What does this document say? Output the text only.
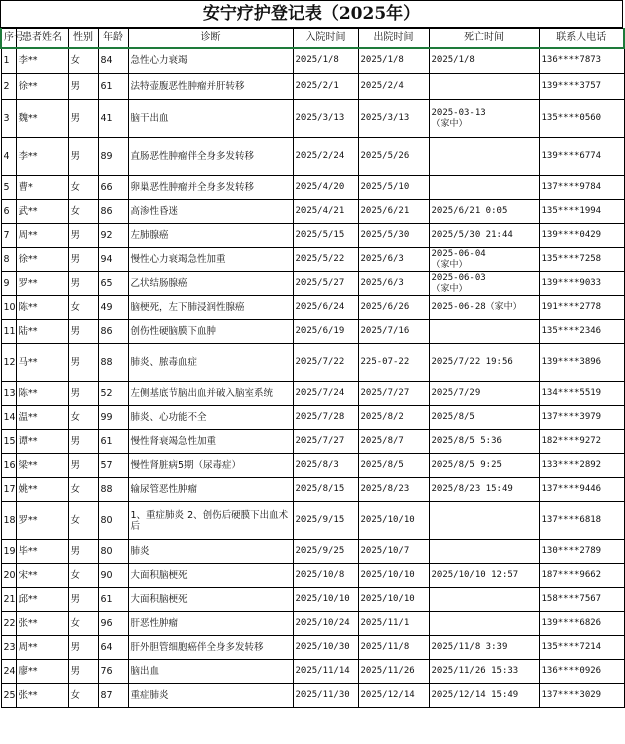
安宁疗护登记表（2025年）
序号	患者姓名	性别	年龄	诊断	入院时间	出院时间	死亡时间	联系人电话
1	李**	女	84	急性心力衰竭	2025/1/8	2025/1/8	2025/1/8	136****7873
2	徐**	男	61	法特壶腹恶性肿瘤并肝转移	2025/2/1	2025/2/4		139****3757
3	魏**	男	41	脑干出血	2025/3/13	2025/3/13	2025-03-13
（家中）	135****0560
4	李**	男	89	直肠恶性肿瘤伴全身多发转移	2025/2/24	2025/5/26		139****6774
5	曹*	女	66	卵巢恶性肿瘤并全身多发转移	2025/4/20	2025/5/10		137****9784
6	武**	女	86	高渗性昏迷	2025/4/21	2025/6/21	2025/6/21 0:05	135****1994
7	周**	男	92	左肺腺癌	2025/5/15	2025/5/30	2025/5/30 21:44	139****0429
8	徐**	男	94	慢性心力衰竭急性加重	2025/5/22	2025/6/3	2025-06-04
（家中）	135****7258
9	罗**	男	65	乙状结肠腺癌	2025/5/27	2025/6/3	2025-06-03
（家中）	139****9033
10	陈**	女	49	脑梗死，左下肺浸润性腺癌	2025/6/24	2025/6/26	2025-06-28（家中）	191****2778
11	陆**	男	86	创伤性硬脑膜下血肿	2025/6/19	2025/7/16		135****2346
12	马**	男	88	肺炎、脓毒血症	2025/7/22	225-07-22	2025/7/22 19:56	139****3896
13	陈**	男	52	左侧基底节脑出血并破入脑室系统	2025/7/24	2025/7/27	2025/7/29	134****5519
14	温**	女	99	肺炎、心功能不全	2025/7/28	2025/8/2	2025/8/5	137****3979
15	谭**	男	61	慢性肾衰竭急性加重	2025/7/27	2025/8/7	2025/8/5 5:36	182****9272
16	梁**	男	57	慢性肾脏病5期（尿毒症）	2025/8/3	2025/8/5	2025/8/5 9:25	133****2892
17	姚**	女	88	输尿管恶性肿瘤	2025/8/15	2025/8/23	2025/8/23 15:49	137****9446
18	罗**	女	80	1、重症肺炎 2、创伤后硬膜下出血术后	2025/9/15	2025/10/10		137****6818
19	毕**	男	80	肺炎	2025/9/25	2025/10/7		130****2789
20	宋**	女	90	大面积脑梗死	2025/10/8	2025/10/10	2025/10/10 12:57	187****9662
21	邱**	男	61	大面积脑梗死	2025/10/10	2025/10/10		158****7567
22	张**	女	96	肝恶性肿瘤	2025/10/24	2025/11/1		139****6826
23	周**	男	64	肝外胆管细胞癌伴全身多发转移	2025/10/30	2025/11/8	2025/11/8 3:39	135****7214
24	廖**	男	76	脑出血	2025/11/14	2025/11/26	2025/11/26 15:33	136****0926
25	张**	女	87	重症肺炎	2025/11/30	2025/12/14	2025/12/14 15:49	137****3029
